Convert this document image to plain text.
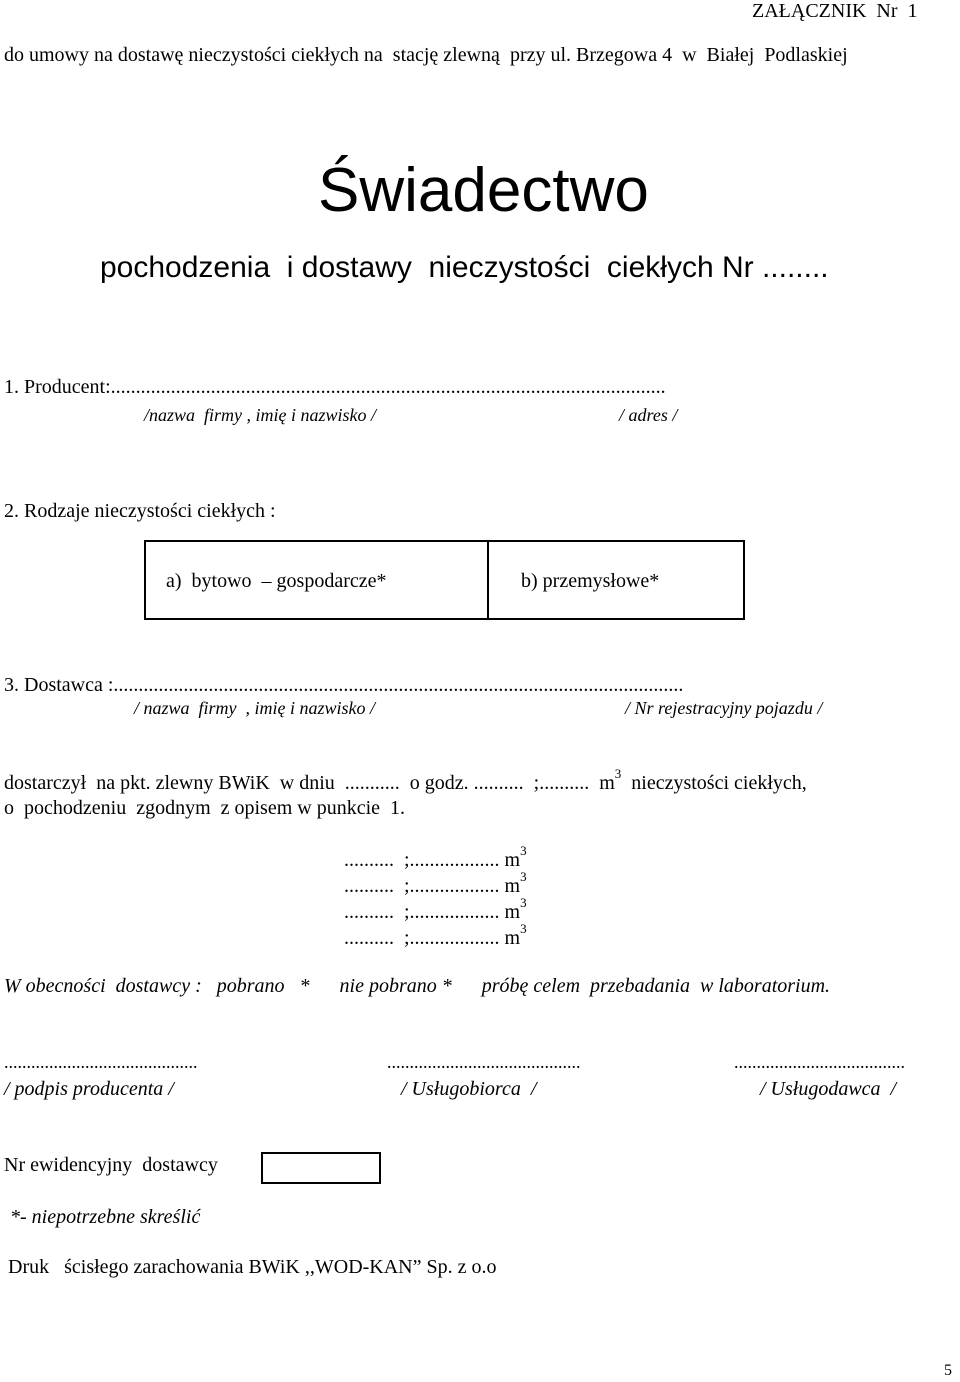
ZAŁĄCZNIK  Nr  1
do umowy na dostawę nieczystości ciekłych na  stację zlewną  przy ul. Brzegowa 4  w  Białej  Podlaskiej
Świadectwo
pochodzenia  i dostawy  nieczystości  ciekłych Nr ........
1. Producent:...............................................................................................................
/nazwa  firmy , imię i nazwisko /	/ adres /
2. Rodzaje nieczystości ciekłych :
a)  bytowo  – gospodarcze*	b) przemysłowe*
3. Dostawca :..................................................................................................................
/ nazwa  firmy  , imię i nazwisko /	/ Nr rejestracyjny pojazdu /
dostarczył  na pkt. zlewny BWiK  w dniu  ...........  o godz. ..........  ;..........  $m^3$  nieczystości ciekłych,
o  pochodzeniu  zgodnym  z opisem w punkcie  1.
..........  ;.................. $m^3$
..........  ;.................. $m^3$
..........  ;.................. $m^3$
..........  ;.................. $m^3$
W obecności  dostawcy :   pobrano   *      nie pobrano *      próbę celem  przebadania  w laboratorium.
...........................................	...........................................	......................................
/ podpis producenta /	/ Usługobiorca  /	/ Usługodawca  /
Nr ewidencyjny  dostawcy
*- niepotrzebne skreślić
Druk   ścisłego zarachowania BWiK ,,WOD-KAN” Sp. z o.o
5
